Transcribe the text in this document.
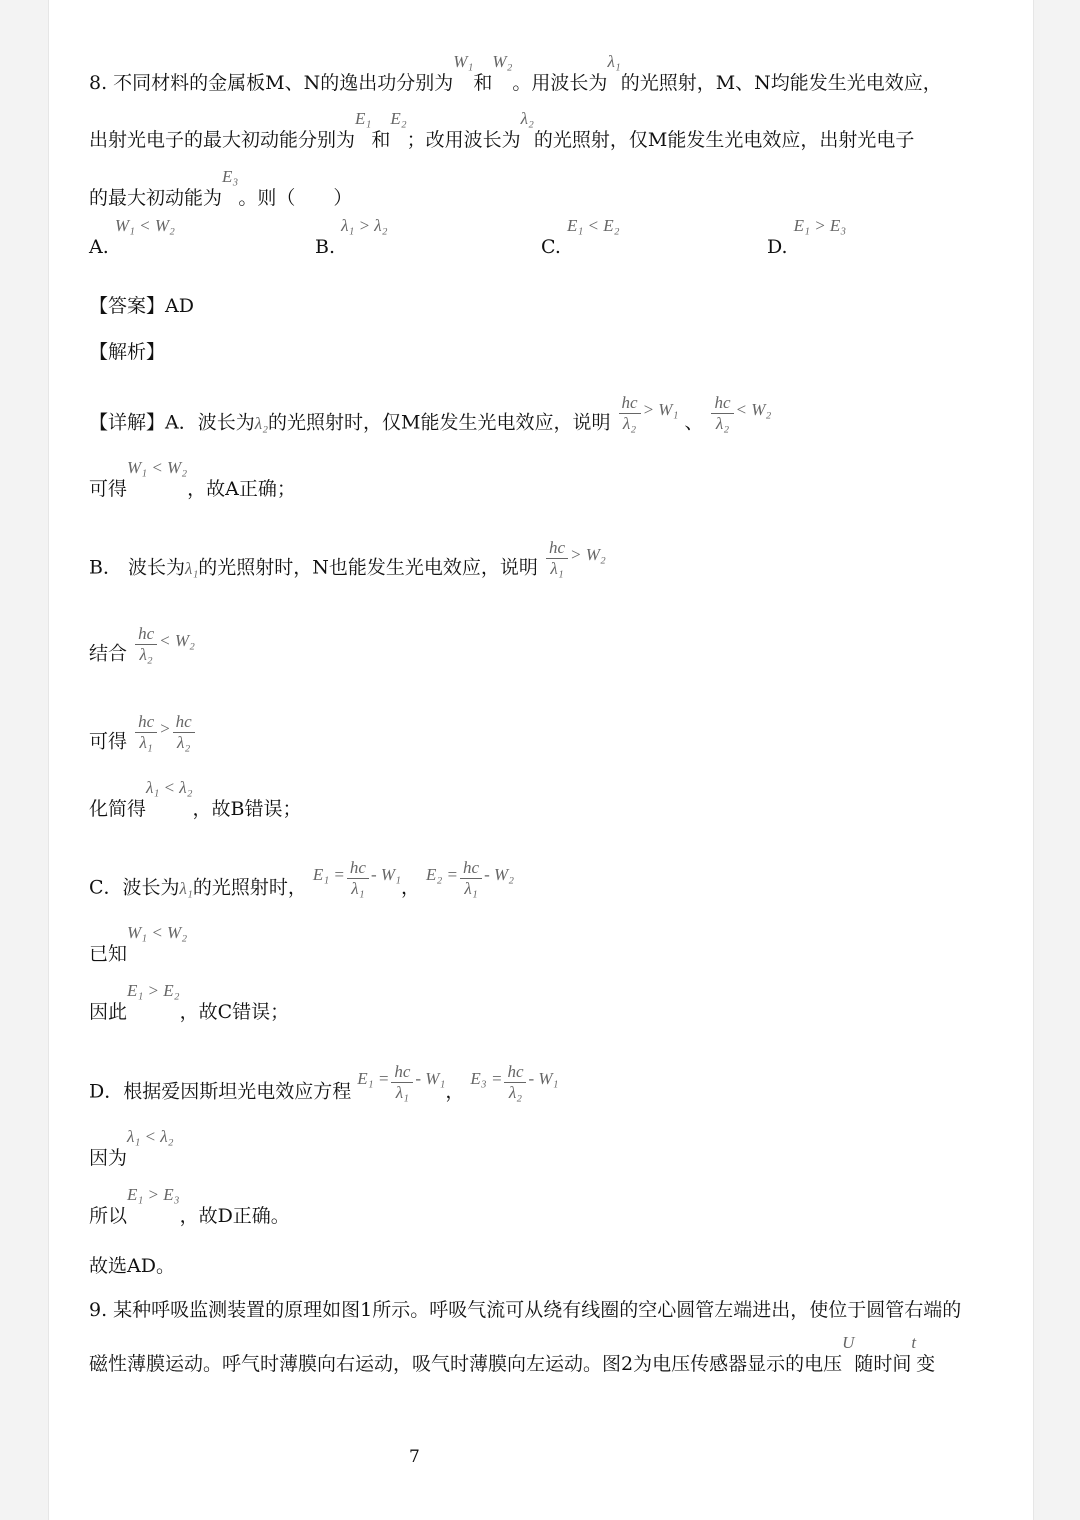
8. 不同材料的金属板M、N的逸出功分别为W₁和W₂。用波长为λ₁的光照射，M、N均能发生光电效应，
出射光电子的最大初动能分别为E₁和E₂；改用波长为λ₂的光照射，仅M能发生光电效应，出射光电子
的最大初动能为E₃。则（　　）
A. W₁ < W₂
B. λ₁ > λ₂
C. E₁ < E₂
D. E₁ > E₃
【答案】AD
【解析】
【详解】A．波长为λ₂的光照射时，仅M能发生光电效应，说明 $\frac{hc}{\text{λ₂}} > W_1$ 、 $\frac{hc}{\text{λ₂}} < W_2$
可得W₁ < W₂，故A正确；
B． 波长为λ₁的光照射时，N也能发生光电效应，说明 $\frac{hc}{\text{λ₁}} > W_2$
结合 $\frac{hc}{\text{λ₂}} < W_2$
可得 $\frac{hc}{\text{λ₁}} > \frac{hc}{\text{λ₂}}$
化简得λ₁ < λ₂，故B错误；
C．波长为λ₁的光照射时， $E_1 = \frac{hc}{\text{λ₁}} - W_1$， $E_2 = \frac{hc}{\text{λ₁}} - W_2$
已知W₁ < W₂
因此E₁ > E₂，故C错误；
D．根据爱因斯坦光电效应方程 $E_1 = \frac{hc}{\text{λ₁}} - W_1$， $E_3 = \frac{hc}{\text{λ₂}} - W_1$
因为λ₁ < λ₂
所以E₁ > E₃，故D正确。
故选AD。
9. 某种呼吸监测装置的原理如图1所示。呼吸气流可从绕有线圈的空心圆管左端进出，使位于圆管右端的
磁性薄膜运动。呼气时薄膜向右运动，吸气时薄膜向左运动。图2为电压传感器显示的电压U随时间t变
7
